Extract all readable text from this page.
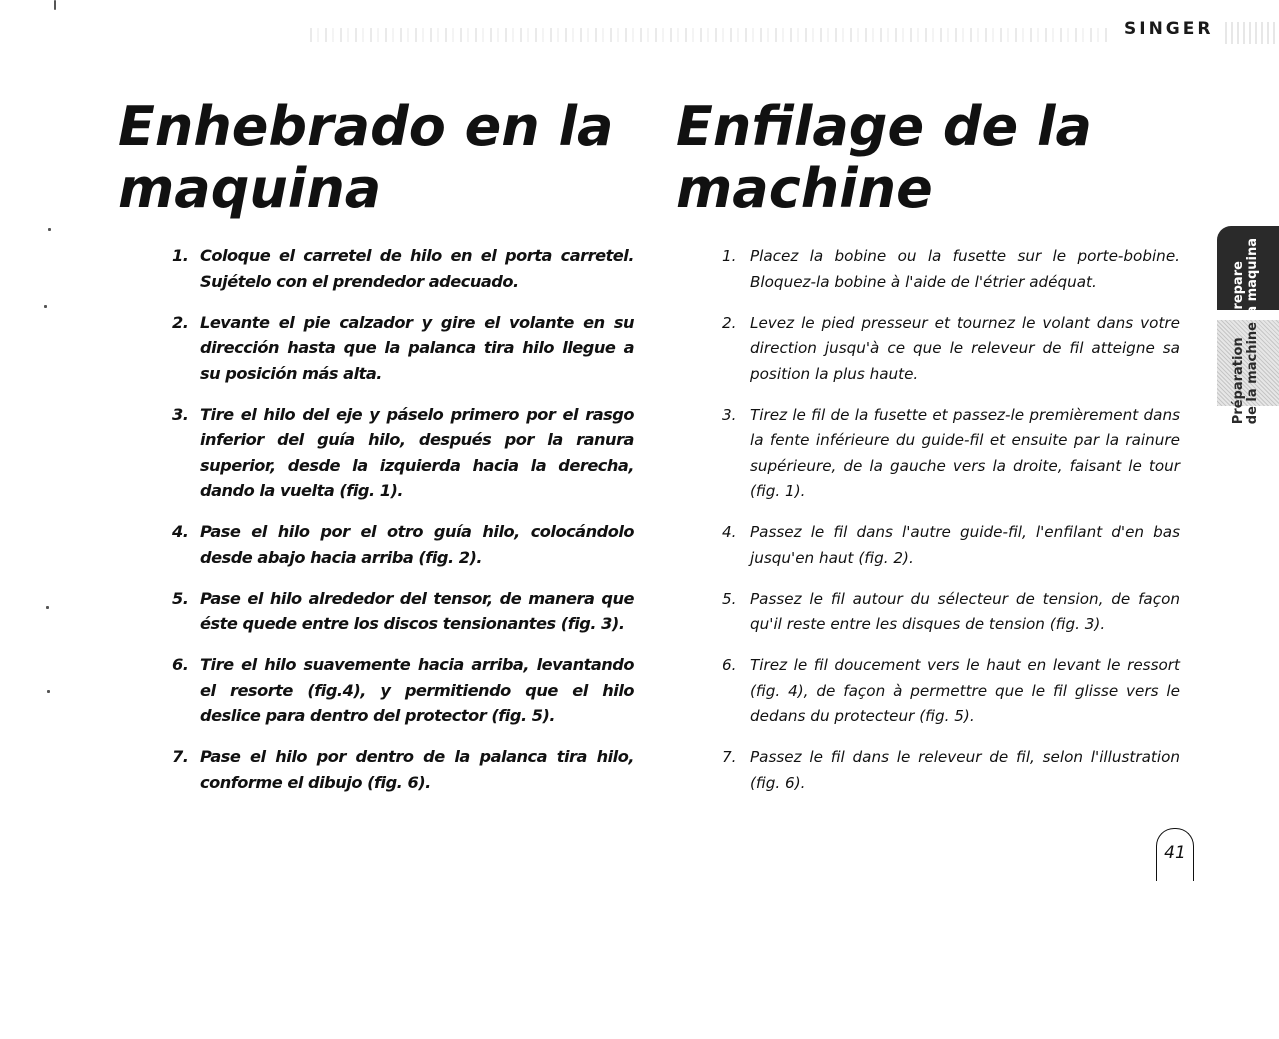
SINGER
Enhebrado en la
maquina
Enfilage de la
machine
1. Coloque el carretel de hilo en el porta carretel. Sujételo con el prendedor adecuado.
2. Levante el pie calzador y gire el volante en su dirección hasta que la palanca tira hilo llegue a su posición más alta.
3. Tire el hilo del eje y páselo primero por el rasgo inferior del guía hilo, después por la ranura superior, desde la izquierda hacia la derecha, dando la vuelta (fig. 1).
4. Pase el hilo por el otro guía hilo, colocándolo desde abajo hacia arriba (fig. 2).
5. Pase el hilo alrededor del tensor, de manera que éste quede entre los discos tensionantes (fig. 3).
6. Tire el hilo suavemente hacia arriba, levantando el resorte (fig.4), y permitiendo que el hilo deslice para dentro del protector (fig. 5).
7. Pase el hilo por dentro de la palanca tira hilo, conforme el dibujo (fig. 6).
1. Placez la bobine ou la fusette sur le porte-bobine. Bloquez-la bobine à l'aide de l'étrier adéquat.
2. Levez le pied presseur et tournez le volant dans votre direction jusqu'à ce que le releveur de fil atteigne sa position la plus haute.
3. Tirez le fil de la fusette et passez-le premièrement dans la fente inférieure du guide-fil et ensuite par la rainure supérieure, de la gauche vers la droite, faisant le tour (fig. 1).
4. Passez le fil dans l'autre guide-fil, l'enfilant d'en bas jusqu'en haut (fig. 2).
5. Passez le fil autour du sélecteur de tension, de façon qu'il reste entre les disques de tension (fig. 3).
6. Tirez le fil doucement vers le haut en levant le ressort (fig. 4), de façon à permettre que le fil glisse vers le dedans du protecteur (fig. 5).
7. Passez le fil dans le releveur de fil, selon l'illustration (fig. 6).
Prepare la maquina
Préparation de la machine
41
